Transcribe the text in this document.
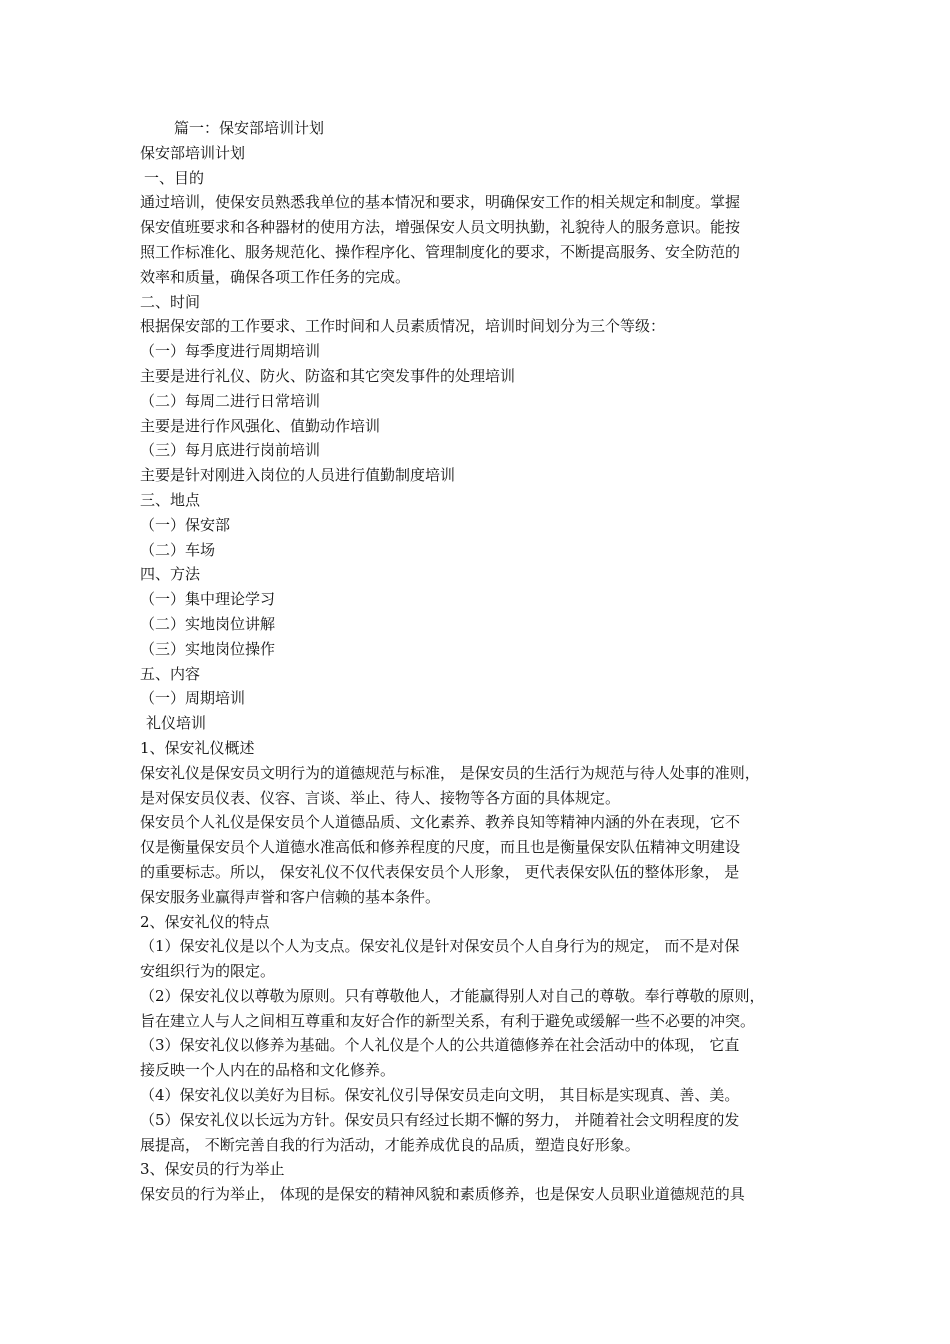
篇一：保安部培训计划
保安部培训计划
一、目的
通过培训，使保安员熟悉我单位的基本情况和要求，明确保安工作的相关规定和制度。掌握
保安值班要求和各种器材的使用方法，增强保安人员文明执勤，礼貌待人的服务意识。能按
照工作标准化、服务规范化、操作程序化、管理制度化的要求，不断提高服务、安全防范的
效率和质量，确保各项工作任务的完成。
二、时间
根据保安部的工作要求、工作时间和人员素质情况，培训时间划分为三个等级：
（一）每季度进行周期培训
主要是进行礼仪、防火、防盗和其它突发事件的处理培训
（二）每周二进行日常培训
主要是进行作风强化、值勤动作培训
（三）每月底进行岗前培训
主要是针对刚进入岗位的人员进行值勤制度培训
三、地点
（一）保安部
（二）车场
四、方法
（一）集中理论学习
（二）实地岗位讲解
（三）实地岗位操作
五、内容
（一）周期培训
礼仪培训
1、保安礼仪概述
保安礼仪是保安员文明行为的道德规范与标准， 是保安员的生活行为规范与待人处事的准则，
是对保安员仪表、仪容、言谈、举止、待人、接物等各方面的具体规定。
保安员个人礼仪是保安员个人道德品质、文化素养、教养良知等精神内涵的外在表现，它不
仅是衡量保安员个人道德水准高低和修养程度的尺度，而且也是衡量保安队伍精神文明建设
的重要标志。所以， 保安礼仪不仅代表保安员个人形象， 更代表保安队伍的整体形象， 是
保安服务业赢得声誉和客户信赖的基本条件。
2、保安礼仪的特点
（1）保安礼仪是以个人为支点。保安礼仪是针对保安员个人自身行为的规定， 而不是对保
安组织行为的限定。
（2）保安礼仪以尊敬为原则。只有尊敬他人，才能赢得别人对自己的尊敬。奉行尊敬的原则，
旨在建立人与人之间相互尊重和友好合作的新型关系，有利于避免或缓解一些不必要的冲突。
（3）保安礼仪以修养为基础。个人礼仪是个人的公共道德修养在社会活动中的体现， 它直
接反映一个人内在的品格和文化修养。
（4）保安礼仪以美好为目标。保安礼仪引导保安员走向文明， 其目标是实现真、善、美。
（5）保安礼仪以长远为方针。保安员只有经过长期不懈的努力， 并随着社会文明程度的发
展提高， 不断完善自我的行为活动，才能养成优良的品质，塑造良好形象。
3、保安员的行为举止
保安员的行为举止， 体现的是保安的精神风貌和素质修养，也是保安人员职业道德规范的具
